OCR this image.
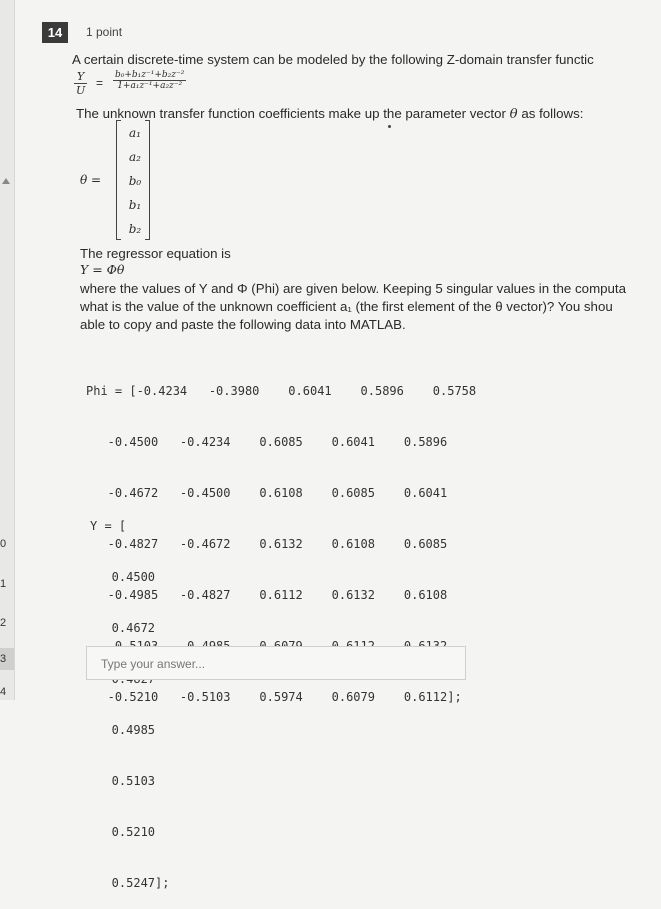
0
1
2
3
4
14	1 point
A certain discrete-time system can be modeled by the following Z-domain transfer functic
$\frac{Y}{U} = \frac{\text{b₀+b₁z⁻¹+b₂z⁻²}}{\text{1+a₁z⁻¹+a₂z⁻²}}$
The unknown transfer function coefficients make up the parameter vector θ as follows:
θ =
a₁
a₂
b₀
b₁
b₂
The regressor equation is
Y = Φθ
where the values of Y and Φ (Phi) are given below. Keeping 5 singular values in the computa
what is the value of the unknown coefficient a₁ (the first element of the θ vector)? You shou
able to copy and paste the following data into MATLAB.

Phi = [-0.4234   -0.3980    0.6041    0.5896    0.5758

-0.4500   -0.4234    0.6085    0.6041    0.5896

-0.4672   -0.4500    0.6108    0.6085    0.6041

-0.4827   -0.4672    0.6132    0.6108    0.6085

-0.4985   -0.4827    0.6112    0.6132    0.6108

-0.5210   -0.5103    0.5974    0.6079    0.6112];

Y = [

0.4500

0.4672

0.4985

0.5103

0.5210

0.5247];

Type your answer...
